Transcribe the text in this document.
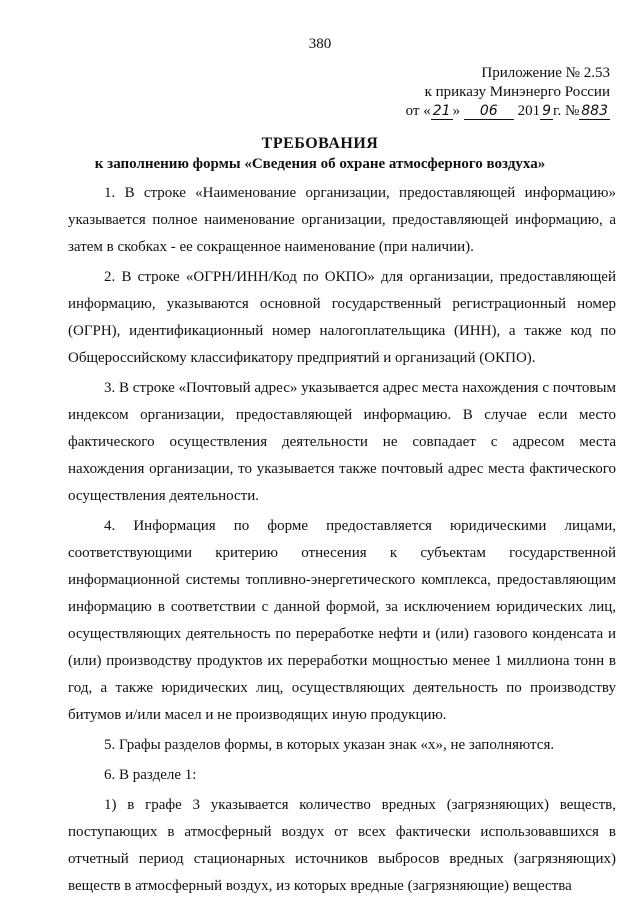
380
Приложение № 2.53
к приказу Минэнерго России
от « 21 » 06 201 9 г. № 883
ТРЕБОВАНИЯ
к заполнению формы «Сведения об охране атмосферного воздуха»

1. В строке «Наименование организации, предоставляющей информацию» указывается полное наименование организации, предоставляющей информацию, а затем в скобках - ее сокращенное наименование (при наличии).

2. В строке «ОГРН/ИНН/Код по ОКПО» для организации, предоставляющей информацию, указываются основной государственный регистрационный номер (ОГРН), идентификационный номер налогоплательщика (ИНН), а также код по Общероссийскому классификатору предприятий и организаций (ОКПО).

3. В строке «Почтовый адрес» указывается адрес места нахождения с почтовым индексом организации, предоставляющей информацию. В случае если место фактического осуществления деятельности не совпадает с адресом места нахождения организации, то указывается также почтовый адрес места фактического осуществления деятельности.

4. Информация по форме предоставляется юридическими лицами, соответствующими критерию отнесения к субъектам государственной информационной системы топливно-энергетического комплекса, предоставляющим информацию в соответствии с данной формой, за исключением юридических лиц, осуществляющих деятельность по переработке нефти и (или) газового конденсата и (или) производству продуктов их переработки мощностью менее 1 миллиона тонн в год, а также юридических лиц, осуществляющих деятельность по производству битумов и/или масел и не производящих иную продукцию.

5. Графы разделов формы, в которых указан знак «х», не заполняются.

6. В разделе 1:

1) в графе 3 указывается количество вредных (загрязняющих) веществ, поступающих в атмосферный воздух от всех фактически использовавшихся в отчетный период стационарных источников выбросов вредных (загрязняющих) веществ в атмосферный воздух, из которых вредные (загрязняющие) вещества
